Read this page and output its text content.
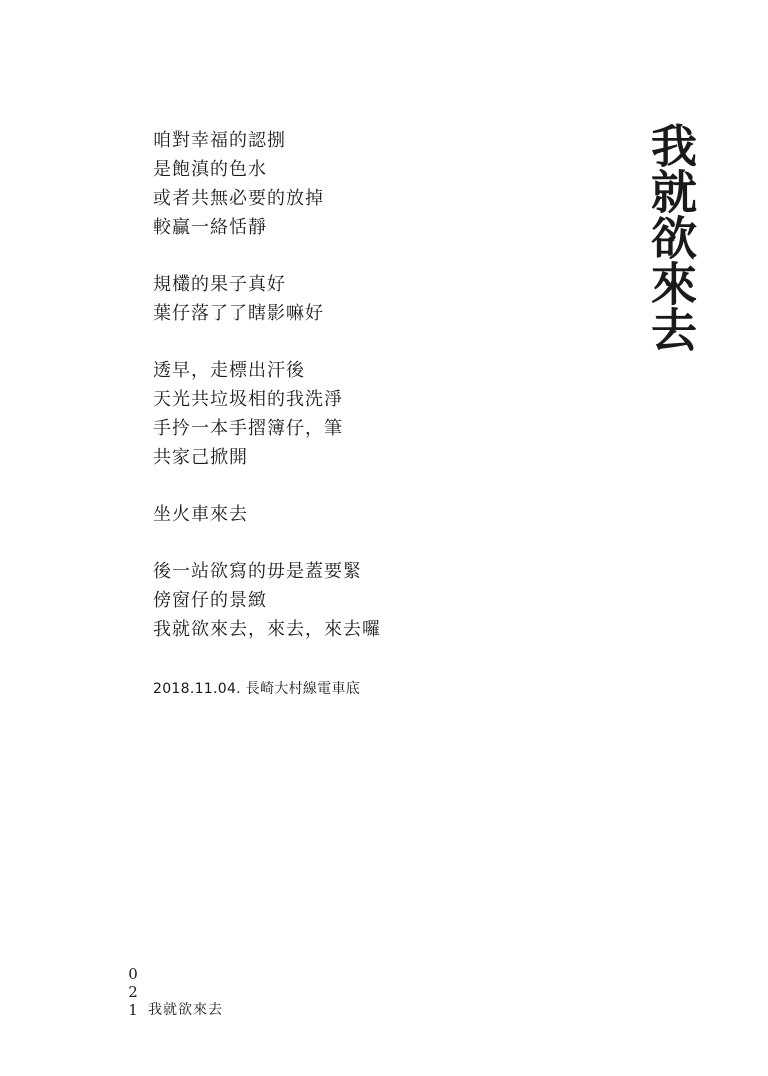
我就欲來去
咱對幸福的認捌
是飽滇的色水
或者共無必要的放掉
較贏一絡恬靜
規欉的果子真好
葉仔落了了瞎影嘛好
透早，走標出汗後
天光共垃圾相的我洗淨
手扲一本手摺簿仔，筆
共家己掀開
坐火車來去
後一站欲寫的毋是蓋要緊
傍窗仔的景緻
我就欲來去，來去，來去囉
2018.11.04. 長崎大村線電車底
0
2
1 我就欲來去
